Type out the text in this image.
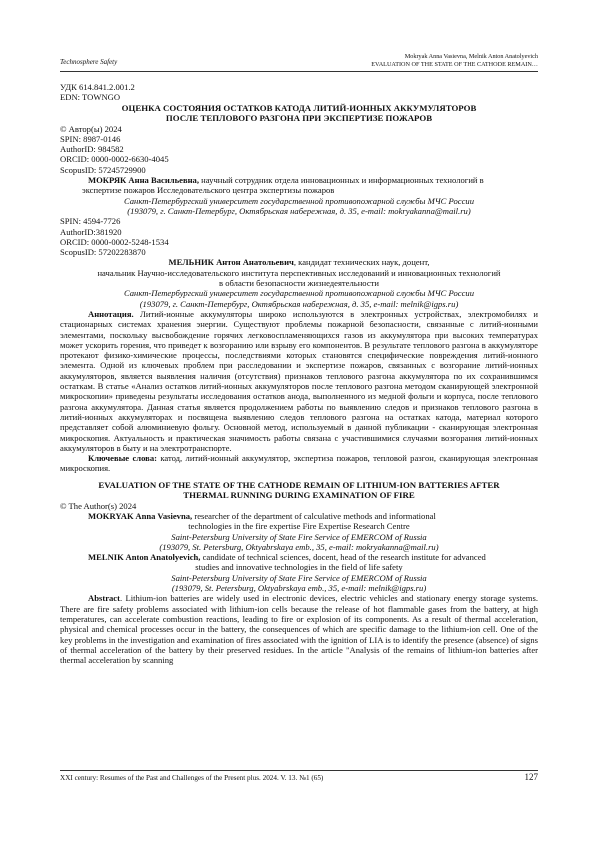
Technosphere Safety
Mokryak Anna Vasievna, Melnik Anton Anatolyevich
EVALUATION OF THE STATE OF THE CATHODE REMAIN…

УДК 614.841.2.001.2

EDN: TOWNGO

ОЦЕНКА СОСТОЯНИЯ ОСТАТКОВ КАТОДА ЛИТИЙ-ИОННЫХ АККУМУЛЯТОРОВ

ПОСЛЕ ТЕПЛОВОГО РАЗГОНА ПРИ ЭКСПЕРТИЗЕ ПОЖАРОВ

© Автор(ы) 2024

SPIN: 8987-0146

AuthorID: 984582

ORCID: 0000-0002-6630-4045

ScopusID: 57245729900

МОКРЯК Анна Васильевна, научный сотрудник отдела инновационных и информационных технологий в

экспертизе пожаров Исследовательского центра экспертизы пожаров

Санкт-Петербургский университет государственной противопожарной службы МЧС России

(193079, г. Санкт-Петербург, Октябрьская набережная, д. 35, e-mail: mokryakanna@mail.ru)

SPIN: 4594-7726

AuthorID:381920

ORCID: 0000-0002-5248-1534

ScopusID: 57202283870

МЕЛЬНИК Антон Анатольевич, кандидат технических наук, доцент,

начальник Научно-исследовательского института перспективных исследований и инновационных технологий

в области безопасности жизнедеятельности

Санкт-Петербургский университет государственной противопожарной службы МЧС России

(193079, г. Санкт-Петербург, Октябрьская набережная, д. 35, e-mail: melnik@igps.ru)

Аннотация. Литий-ионные аккумуляторы широко используются в электронных устройствах, электромобилях и стационарных системах хранения энергии. Существуют проблемы пожарной безопасности, связанные с литий-ионными элементами, поскольку высвобождение горячих легковоспламеняющихся газов из аккумулятора при высоких температурах может ускорить горения, что приведет к возгоранию или взрыву его компонентов. В результате теплового разгона в аккумуляторе протекают физико-химические процессы, последствиями которых становятся специфические повреждения литий-ионного элемента. Одной из ключевых проблем при расследовании и экспертизе пожаров, связанных с возгорание литий-ионных аккумуляторов, является выявления наличия (отсутствия) признаков теплового разгона аккумулятора по их сохранившимся остаткам. В статье «Анализ остатков литий-ионных аккумуляторов после теплового разгона методом сканирующей электронной микроскопии» приведены результаты исследования остатков анода, выполненного из медной фольги и корпуса, после теплового разгона аккумулятора. Данная статья является продолжением работы по выявлению следов и признаков теплового разгона в литий-ионных аккумуляторах и посвящена выявлению следов теплового разгона на остатках катода, материал которого представляет собой алюминиевую фольгу. Основной метод, используемый в данной публикации - сканирующая электронная микроскопия. Актуальность и практическая значимость работы связана с участившимися случаями возгорания литий-ионных аккумуляторов в быту и на электротранспорте.

Ключевые слова: катод, литий-ионный аккумулятор, экспертиза пожаров, тепловой разгон, сканирующая электронная микроскопия.

EVALUATION OF THE STATE OF THE CATHODE REMAIN OF LITHIUM-ION BATTERIES AFTER

THERMAL RUNNING DURING EXAMINATION OF FIRE

© The Author(s) 2024

MOKRYAK Anna Vasievna, researcher of the department of calculative methods and informational

technologies in the fire expertise Fire Expertise Research Centre

Saint-Petersburg University of State Fire Service of EMERCOM of Russia

(193079, St. Petersburg, Oktyabrskaya emb., 35, e-mail: mokryakanna@mail.ru)

MELNIK Anton Anatolyevich, candidate of technical sciences, docent, head of the research institute for advanced

studies and innovative technologies in the field of life safety

Saint-Petersburg University of State Fire Service of EMERCOM of Russia

(193079, St. Petersburg, Oktyabrskaya emb., 35, e-mail: melnik@igps.ru)

Abstract. Lithium-ion batteries are widely used in electronic devices, electric vehicles and stationary energy storage systems. There are fire safety problems associated with lithium-ion cells because the release of hot flammable gases from the battery, at high temperatures, can accelerate combustion reactions, leading to fire or explosion of its components. As a result of thermal acceleration, physical and chemical processes occur in the battery, the consequences of which are specific damage to the lithium-ion cell. One of the key problems in the investigation and examination of fires associated with the ignition of LIA is to identify the presence (absence) of signs of thermal acceleration of the battery by their preserved residues. In the article "Analysis of the remains of lithium-ion batteries after thermal acceleration by scanning

XXI century: Resumes of the Past and Challenges of the Present plus. 2024. V. 13. №1 (65)	127
